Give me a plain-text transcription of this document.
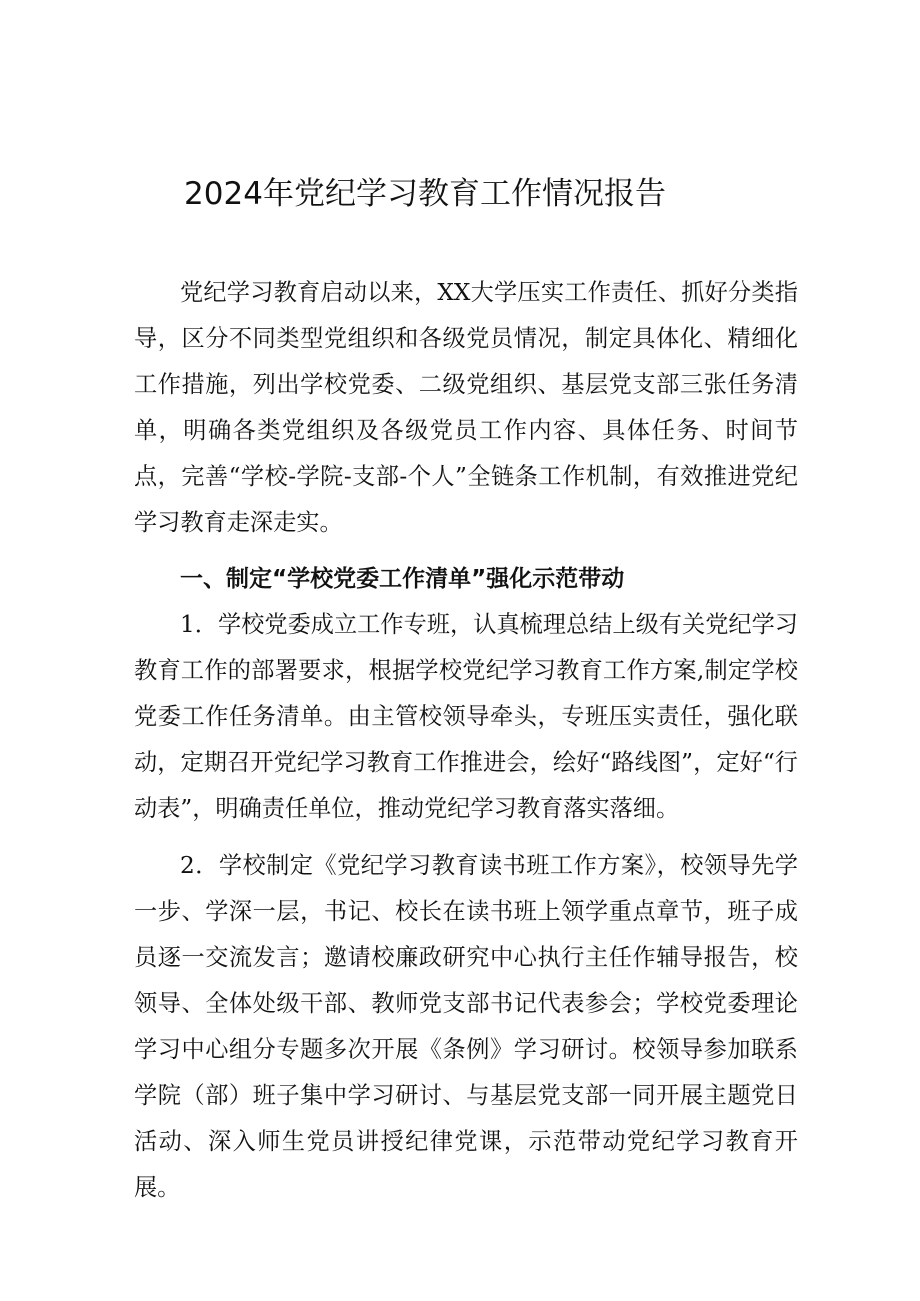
2024年党纪学习教育工作情况报告

党纪学习教育启动以来，XX大学压实工作责任、抓好分类指导，区分不同类型党组织和各级党员情况，制定具体化、精细化工作措施，列出学校党委、二级党组织、基层党支部三张任务清单，明确各类党组织及各级党员工作内容、具体任务、时间节点，完善“学校-学院-支部-个人”全链条工作机制，有效推进党纪学习教育走深走实。

一、制定“学校党委工作清单”强化示范带动

1．学校党委成立工作专班，认真梳理总结上级有关党纪学习教育工作的部署要求，根据学校党纪学习教育工作方案,制定学校党委工作任务清单。由主管校领导牵头，专班压实责任，强化联动，定期召开党纪学习教育工作推进会，绘好“路线图”，定好“行动表”，明确责任单位，推动党纪学习教育落实落细。

2．学校制定《党纪学习教育读书班工作方案》，校领导先学一步、学深一层，书记、校长在读书班上领学重点章节，班子成员逐一交流发言；邀请校廉政研究中心执行主任作辅导报告，校领导、全体处级干部、教师党支部书记代表参会；学校党委理论学习中心组分专题多次开展《条例》学习研讨。校领导参加联系学院（部）班子集中学习研讨、与基层党支部一同开展主题党日活动、深入师生党员讲授纪律党课，示范带动党纪学习教育开展。
